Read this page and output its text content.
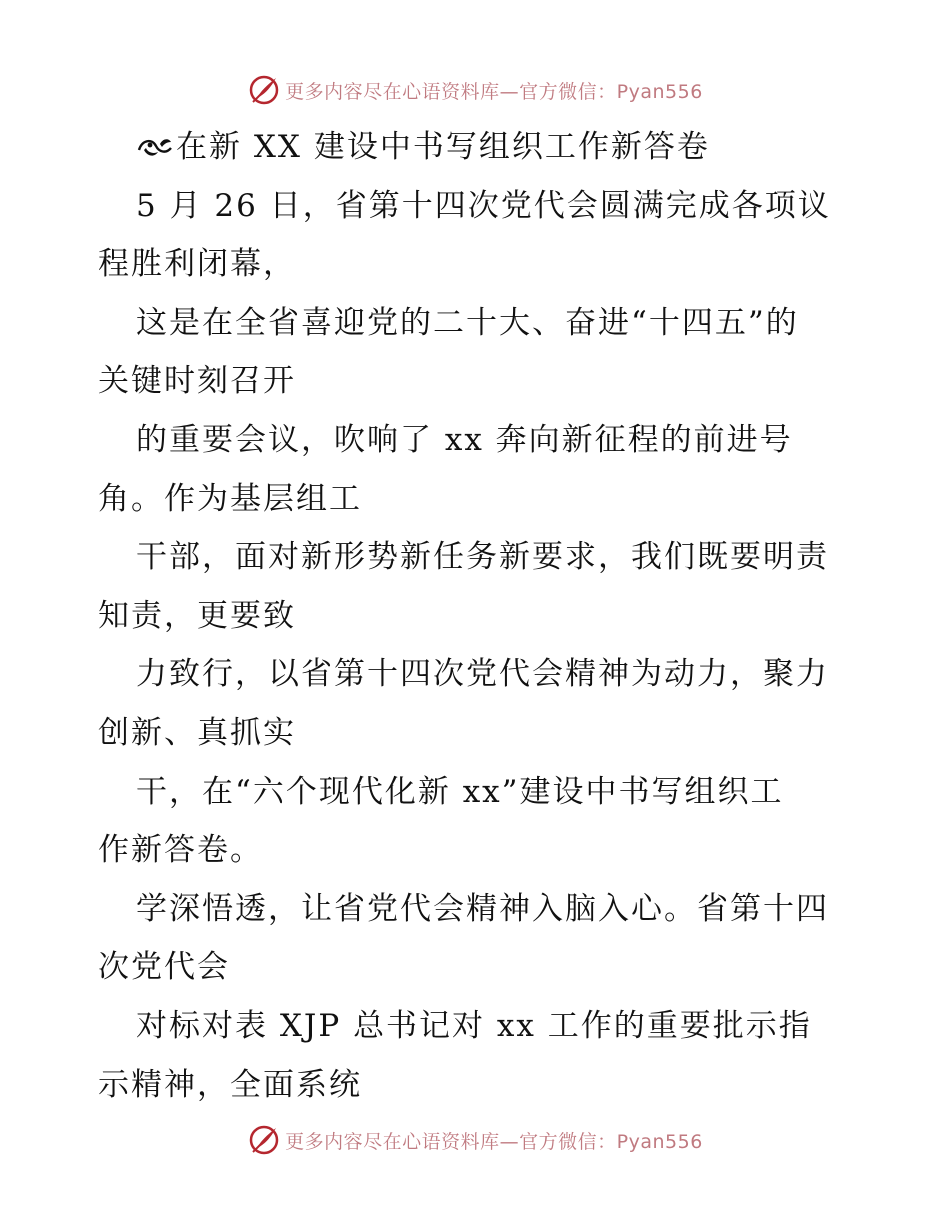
更多内容尽在心语资料库—官方微信：Pyan556
在新 XX 建设中书写组织工作新答卷
5 月 26 日，省第十四次党代会圆满完成各项议
程胜利闭幕，
这是在全省喜迎党的二十大、奋进“十四五”的
关键时刻召开
的重要会议，吹响了 xx 奔向新征程的前进号
角。作为基层组工
干部，面对新形势新任务新要求，我们既要明责
知责，更要致
力致行，以省第十四次党代会精神为动力，聚力
创新、真抓实
干，在“六个现代化新 xx”建设中书写组织工
作新答卷。
学深悟透，让省党代会精神入脑入心。省第十四
次党代会
对标对表 XJP 总书记对 xx 工作的重要批示指
示精神，全面系统
更多内容尽在心语资料库—官方微信：Pyan556
